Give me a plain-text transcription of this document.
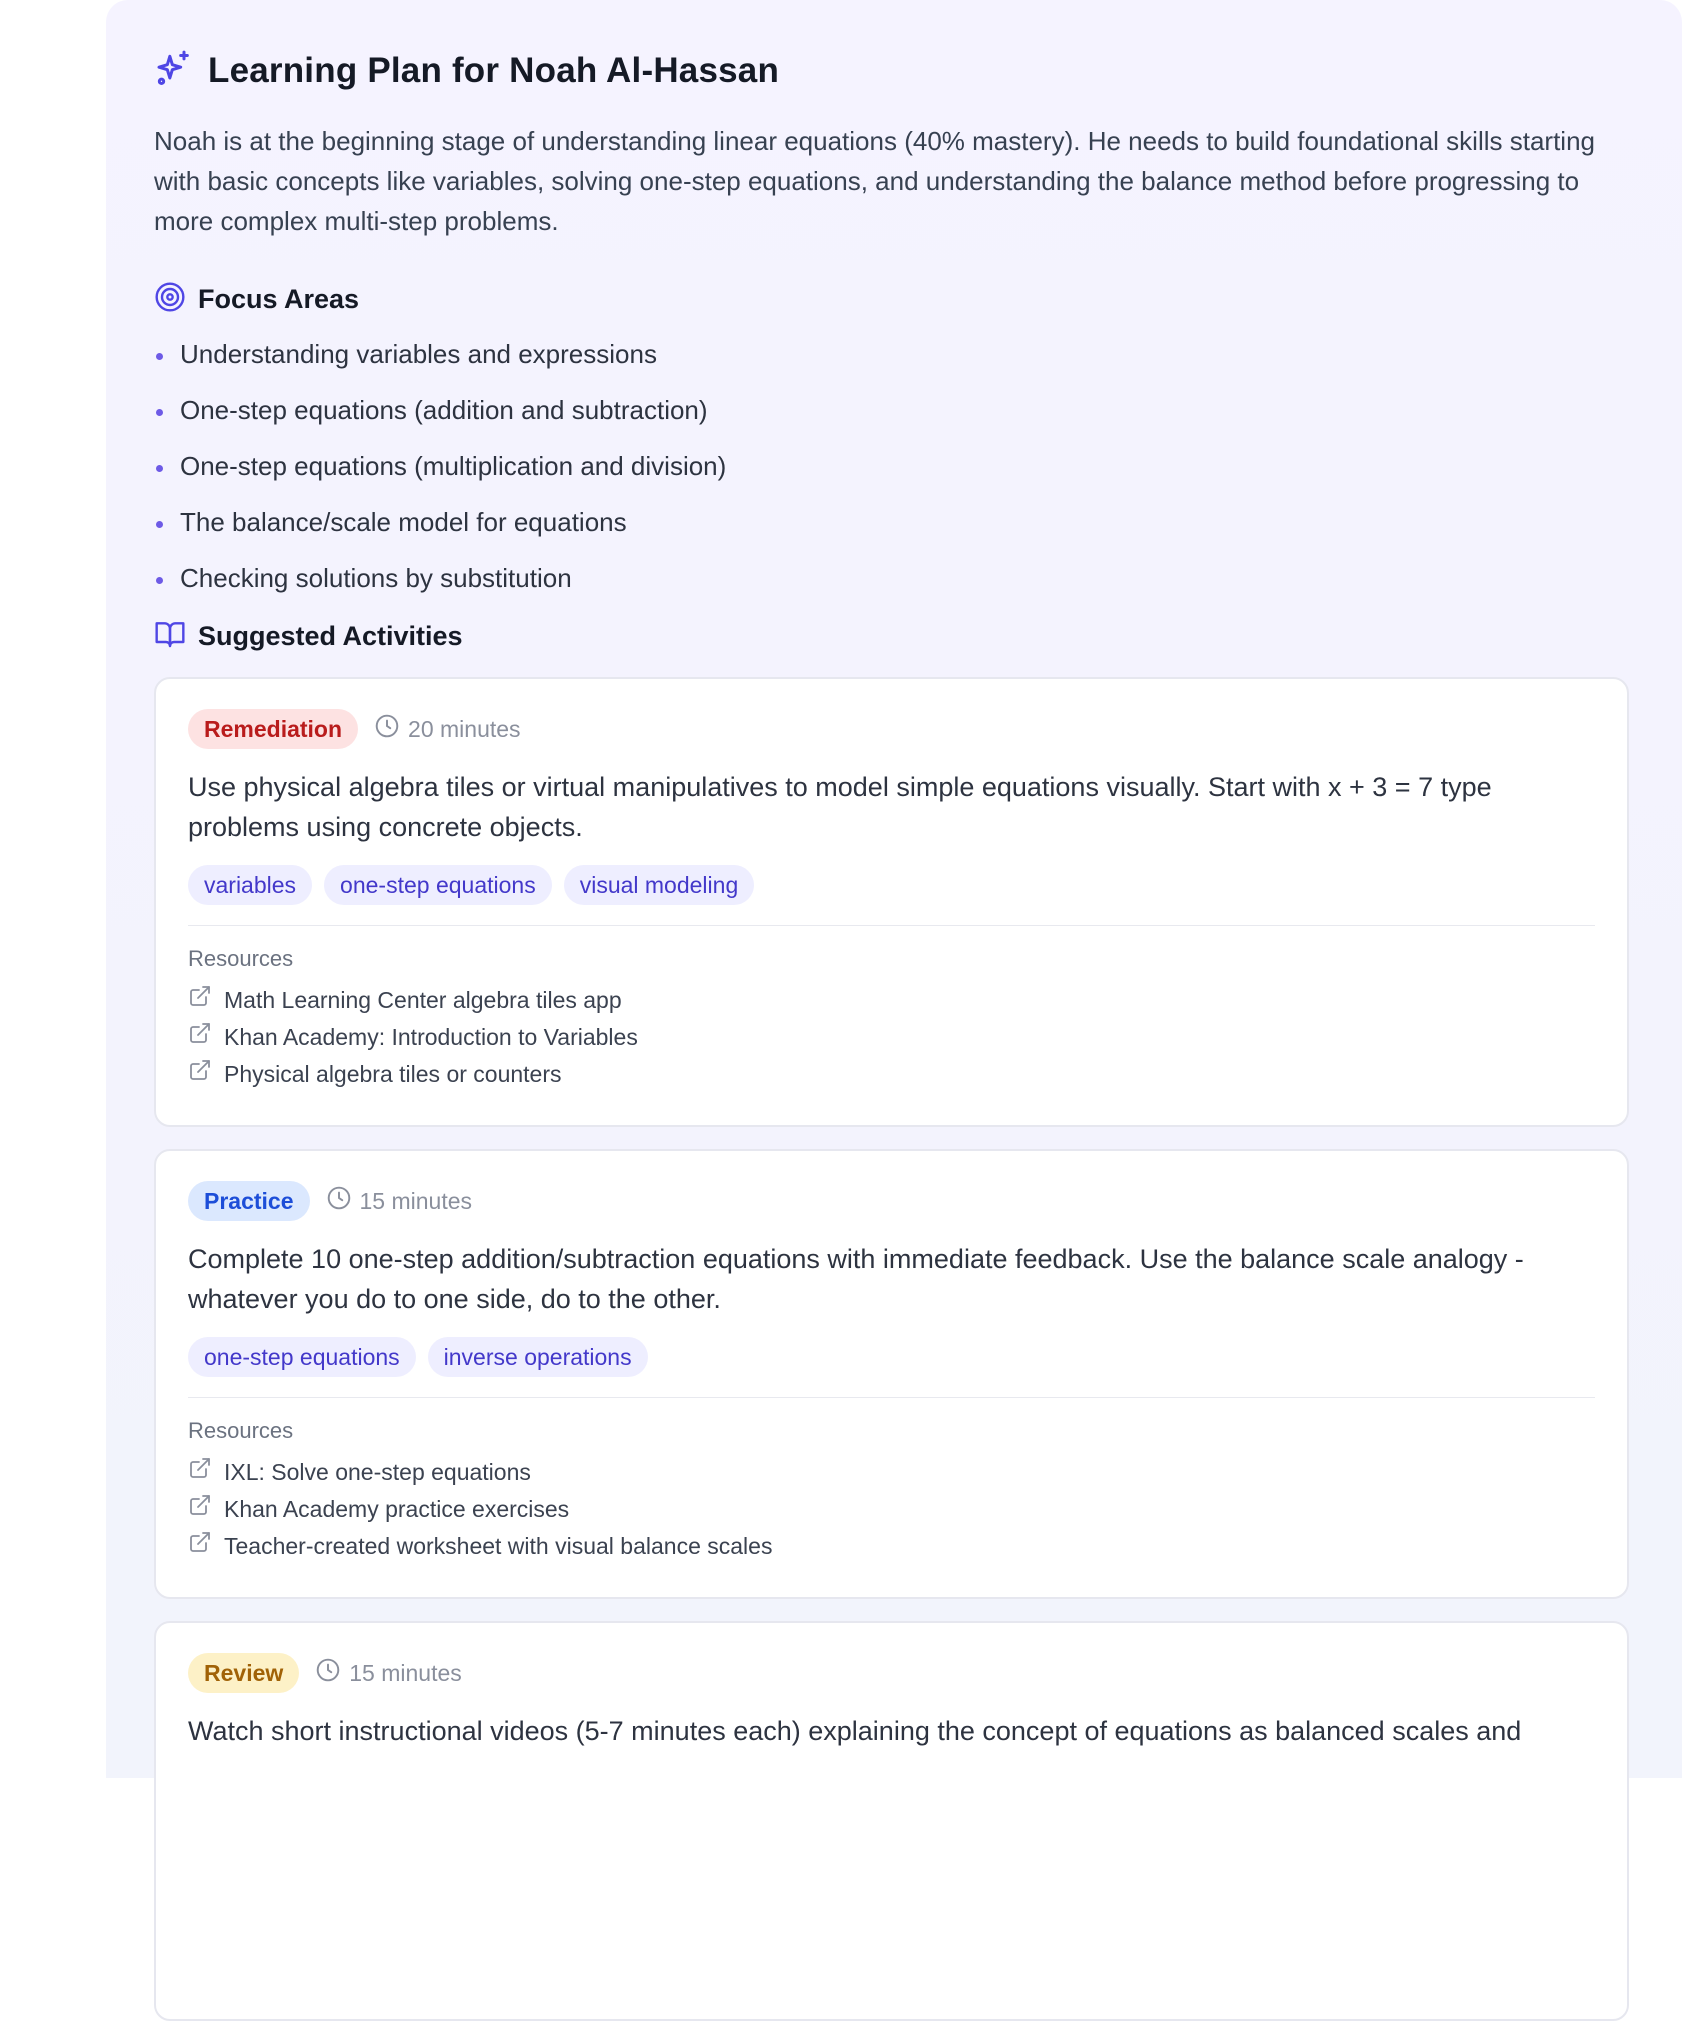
Learning Plan for Noah Al-Hassan

Noah is at the beginning stage of understanding linear equations (40% mastery). He needs to build foundational skills starting with basic concepts like variables, solving one-step equations, and understanding the balance method before progressing to more complex multi-step problems.

Focus Areas
Understanding variables and expressions
One-step equations (addition and subtraction)
One-step equations (multiplication and division)
The balance/scale model for equations
Checking solutions by substitution
Suggested Activities
Remediation	20 minutes

Use physical algebra tiles or virtual manipulatives to model simple equations visually. Start with x + 3 = 7 type problems using concrete objects.

variables	one-step equations	visual modeling
Resources
Math Learning Center algebra tiles app
Khan Academy: Introduction to Variables
Physical algebra tiles or counters
Practice	15 minutes

Complete 10 one-step addition/subtraction equations with immediate feedback. Use the balance scale analogy - whatever you do to one side, do to the other.

one-step equations	inverse operations
Resources
IXL: Solve one-step equations
Khan Academy practice exercises
Teacher-created worksheet with visual balance scales
Review	15 minutes

Watch short instructional videos (5-7 minutes each) explaining the concept of equations as balanced scales and
